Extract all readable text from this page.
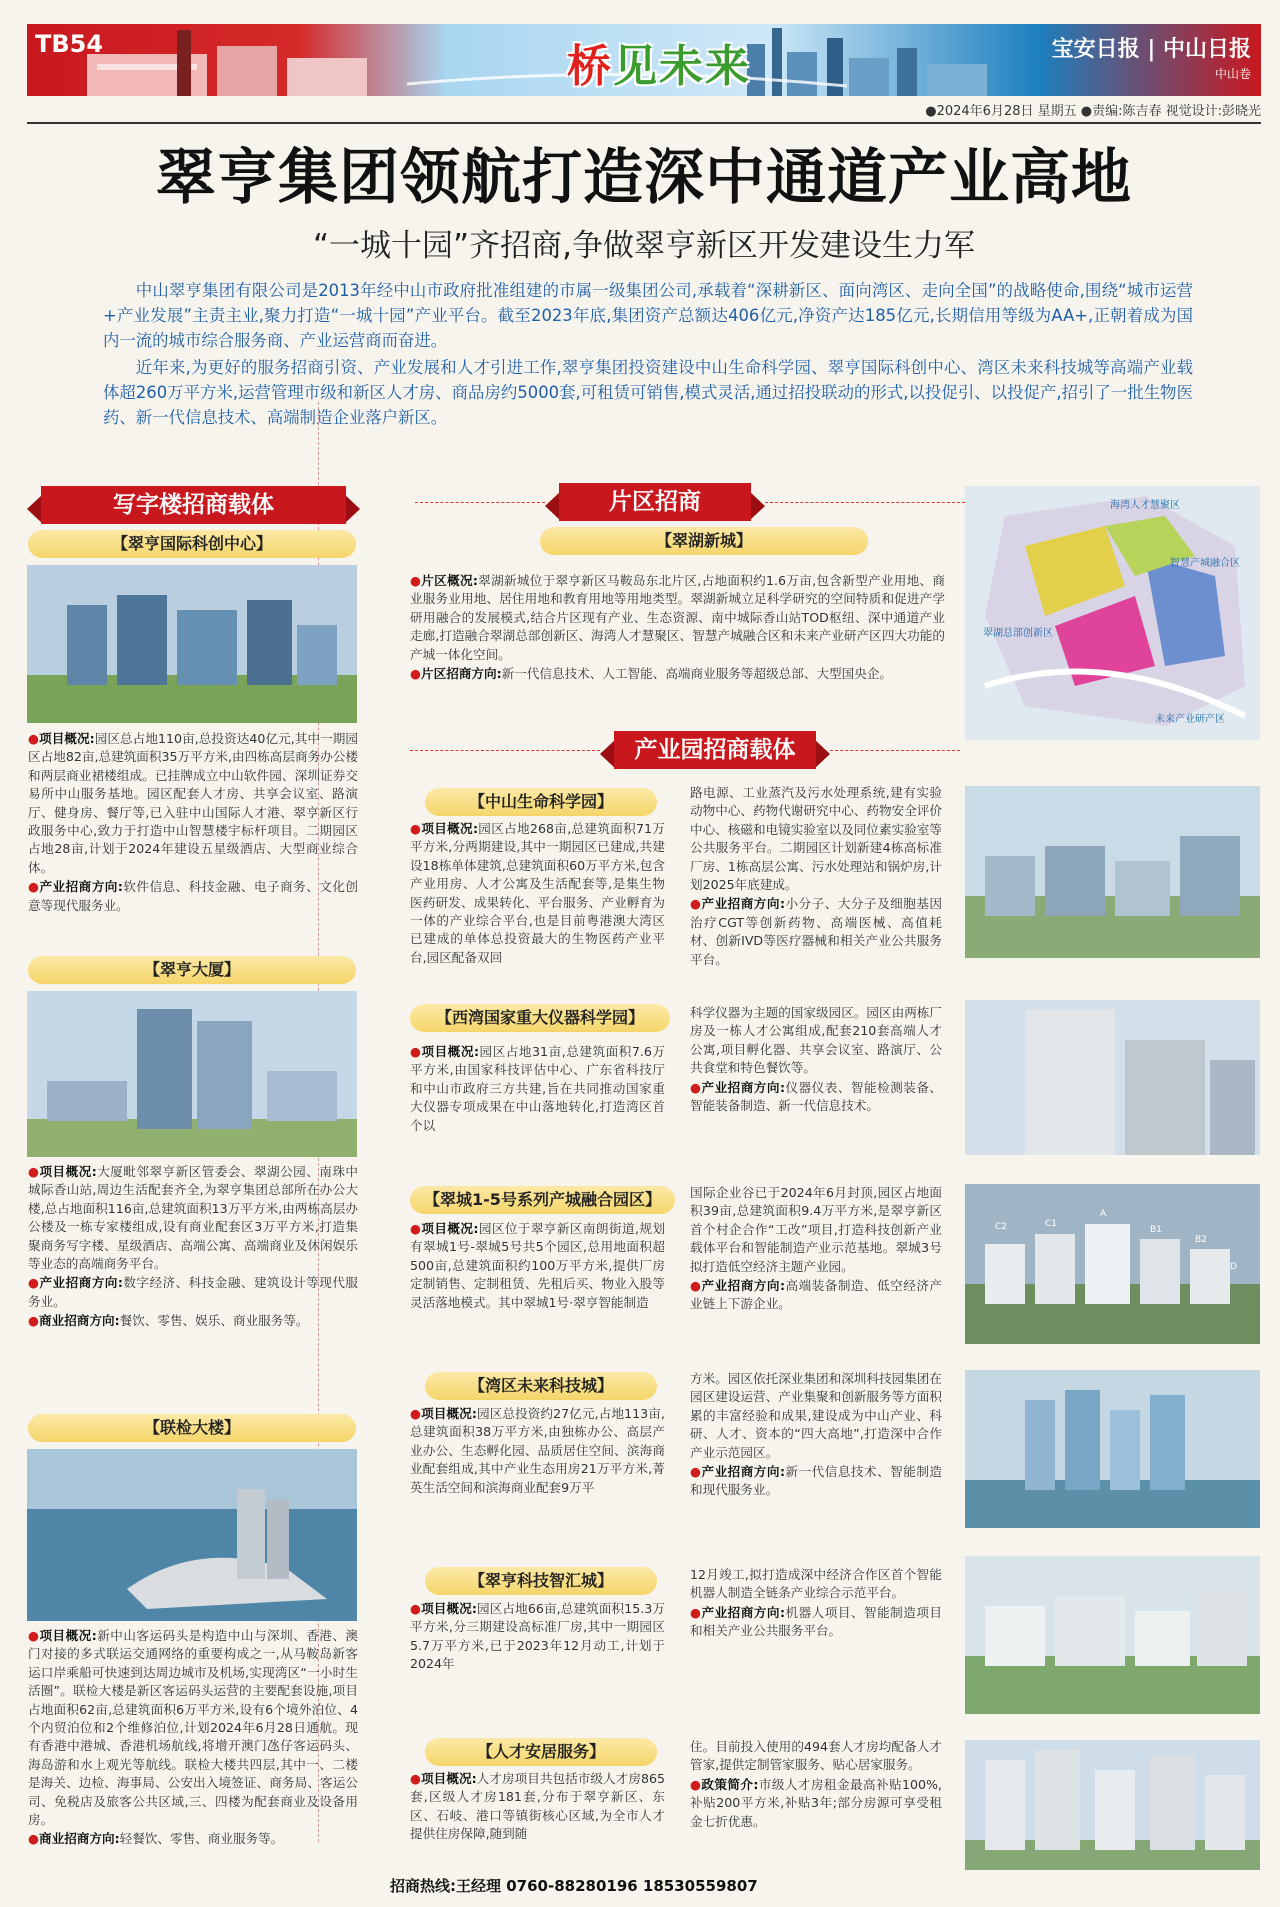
TB54	桥见未来	宝安日报 | 中山日报
中山卷
●2024年6月28日 星期五 ●责编:陈吉春 视觉设计:彭晓光
翠亨集团领航打造深中通道产业高地
“一城十园”齐招商,争做翠亨新区开发建设生力军

中山翠亨集团有限公司是2013年经中山市政府批准组建的市属一级集团公司,承载着“深耕新区、面向湾区、走向全国”的战略使命,围绕“城市运营+产业发展”主责主业,聚力打造“一城十园”产业平台。截至2023年底,集团资产总额达406亿元,净资产达185亿元,长期信用等级为AA+,正朝着成为国内一流的城市综合服务商、产业运营商而奋进。

近年来,为更好的服务招商引资、产业发展和人才引进工作,翠亨集团投资建设中山生命科学园、翠亨国际科创中心、湾区未来科技城等高端产业载体超260万平方米,运营管理市级和新区人才房、商品房约5000套,可租赁可销售,模式灵活,通过招投联动的形式,以投促引、以投促产,招引了一批生物医药、新一代信息技术、高端制造企业落户新区。

写字楼招商载体
【翠亨国际科创中心】

●项目概况:园区总占地110亩,总投资达40亿元,其中一期园区占地82亩,总建筑面积35万平方米,由四栋高层商务办公楼和两层商业裙楼组成。已挂牌成立中山软件园、深圳证券交易所中山服务基地。园区配套人才房、共享会议室、路演厅、健身房、餐厅等,已入驻中山国际人才港、翠亨新区行政服务中心,致力于打造中山智慧楼宇标杆项目。二期园区占地28亩,计划于2024年建设五星级酒店、大型商业综合体。

●产业招商方向:软件信息、科技金融、电子商务、文化创意等现代服务业。

【翠亨大厦】

●项目概况:大厦毗邻翠亨新区管委会、翠湖公园、南珠中城际香山站,周边生活配套齐全,为翠亨集团总部所在办公大楼,总占地面积116亩,总建筑面积13万平方米,由两栋高层办公楼及一栋专家楼组成,设有商业配套区3万平方米,打造集聚商务写字楼、星级酒店、高端公寓、高端商业及休闲娱乐等业态的高端商务平台。

●产业招商方向:数字经济、科技金融、建筑设计等现代服务业。

●商业招商方向:餐饮、零售、娱乐、商业服务等。

【联检大楼】

●项目概况:新中山客运码头是构造中山与深圳、香港、澳门对接的多式联运交通网络的重要构成之一,从马鞍岛新客运口岸乘船可快速到达周边城市及机场,实现湾区“一小时生活圈”。联检大楼是新区客运码头运营的主要配套设施,项目占地面积62亩,总建筑面积6万平方米,设有6个境外泊位、4个内贸泊位和2个维修泊位,计划2024年6月28日通航。现有香港中港城、香港机场航线,将增开澳门氹仔客运码头、海岛游和水上观光等航线。联检大楼共四层,其中一、二楼是海关、边检、海事局、公安出入境签证、商务局、客运公司、免税店及旅客公共区域,三、四楼为配套商业及设备用房。

●商业招商方向:轻餐饮、零售、商业服务等。

片区招商
【翠湖新城】

●片区概况:翠湖新城位于翠亨新区马鞍岛东北片区,占地面积约1.6万亩,包含新型产业用地、商业服务业用地、居住用地和教育用地等用地类型。翠湖新城立足科学研究的空间特质和促进产学研用融合的发展模式,结合片区现有产业、生态资源、南中城际香山站TOD枢纽、深中通道产业走廊,打造融合翠湖总部创新区、海湾人才慧聚区、智慧产城融合区和未来产业研产区四大功能的产城一体化空间。

●片区招商方向:新一代信息技术、人工智能、高端商业服务等超级总部、大型国央企。

海湾人才慧聚区
智慧产城融合区
翠湖总部创新区
未来产业研产区
产业园招商载体
【中山生命科学园】

●项目概况:园区占地268亩,总建筑面积71万平方米,分两期建设,其中一期园区已建成,共建设18栋单体建筑,总建筑面积60万平方米,包含产业用房、人才公寓及生活配套等,是集生物医药研发、成果转化、平台服务、产业孵育为一体的产业综合平台,也是目前粤港澳大湾区已建成的单体总投资最大的生物医药产业平台,园区配备双回

路电源、工业蒸汽及污水处理系统,建有实验动物中心、药物代谢研究中心、药物安全评价中心、核磁和电镜实验室以及同位素实验室等公共服务平台。二期园区计划新建4栋高标准厂房、1栋高层公寓、污水处理站和锅炉房,计划2025年底建成。

●产业招商方向:小分子、大分子及细胞基因治疗CGT等创新药物、高端医械、高值耗材、创新IVD等医疗器械和相关产业公共服务平台。

【西湾国家重大仪器科学园】

●项目概况:园区占地31亩,总建筑面积7.6万平方米,由国家科技评估中心、广东省科技厅和中山市政府三方共建,旨在共同推动国家重大仪器专项成果在中山落地转化,打造湾区首个以

科学仪器为主题的国家级园区。园区由两栋厂房及一栋人才公寓组成,配套210套高端人才公寓,项目孵化器、共享会议室、路演厅、公共食堂和特色餐饮等。

●产业招商方向:仪器仪表、智能检测装备、智能装备制造、新一代信息技术。

【翠城1-5号系列产城融合园区】

●项目概况:园区位于翠亨新区南朗街道,规划有翠城1号-翠城5号共5个园区,总用地面积超500亩,总建筑面积约100万平方米,提供厂房定制销售、定制租赁、先租后买、物业入股等灵活落地模式。其中翠城1号·翠亨智能制造

国际企业谷已于2024年6月封顶,园区占地面积39亩,总建筑面积9.4万平方米,是翠亨新区首个村企合作“工改”项目,打造科技创新产业载体平台和智能制造产业示范基地。翠城3号拟打造低空经济主题产业园。

●产业招商方向:高端装备制造、低空经济产业链上下游企业。

C2	C1
A
B1
B2
D
【湾区未来科技城】

●项目概况:园区总投资约27亿元,占地113亩,总建筑面积38万平方米,由独栋办公、高层产业办公、生态孵化园、品质居住空间、滨海商业配套组成,其中产业生态用房21万平方米,菁英生活空间和滨海商业配套9万平

方米。园区依托深业集团和深圳科技园集团在园区建设运营、产业集聚和创新服务等方面积累的丰富经验和成果,建设成为中山产业、科研、人才、资本的“四大高地”,打造深中合作产业示范园区。

●产业招商方向:新一代信息技术、智能制造和现代服务业。

【翠亨科技智汇城】

●项目概况:园区占地66亩,总建筑面积15.3万平方米,分三期建设高标准厂房,其中一期园区5.7万平方米,已于2023年12月动工,计划于2024年

12月竣工,拟打造成深中经济合作区首个智能机器人制造全链条产业综合示范平台。

●产业招商方向:机器人项目、智能制造项目和相关产业公共服务平台。

【人才安居服务】

●项目概况:人才房项目共包括市级人才房865套,区级人才房181套,分布于翠亨新区、东区、石岐、港口等镇街核心区域,为全市人才提供住房保障,随到随

住。目前投入使用的494套人才房均配备人才管家,提供定制管家服务、贴心居家服务。

●政策简介:市级人才房租金最高补贴100%,补贴200平方米,补贴3年;部分房源可享受租金七折优惠。

招商热线:王经理 0760-88280196 18530559807
